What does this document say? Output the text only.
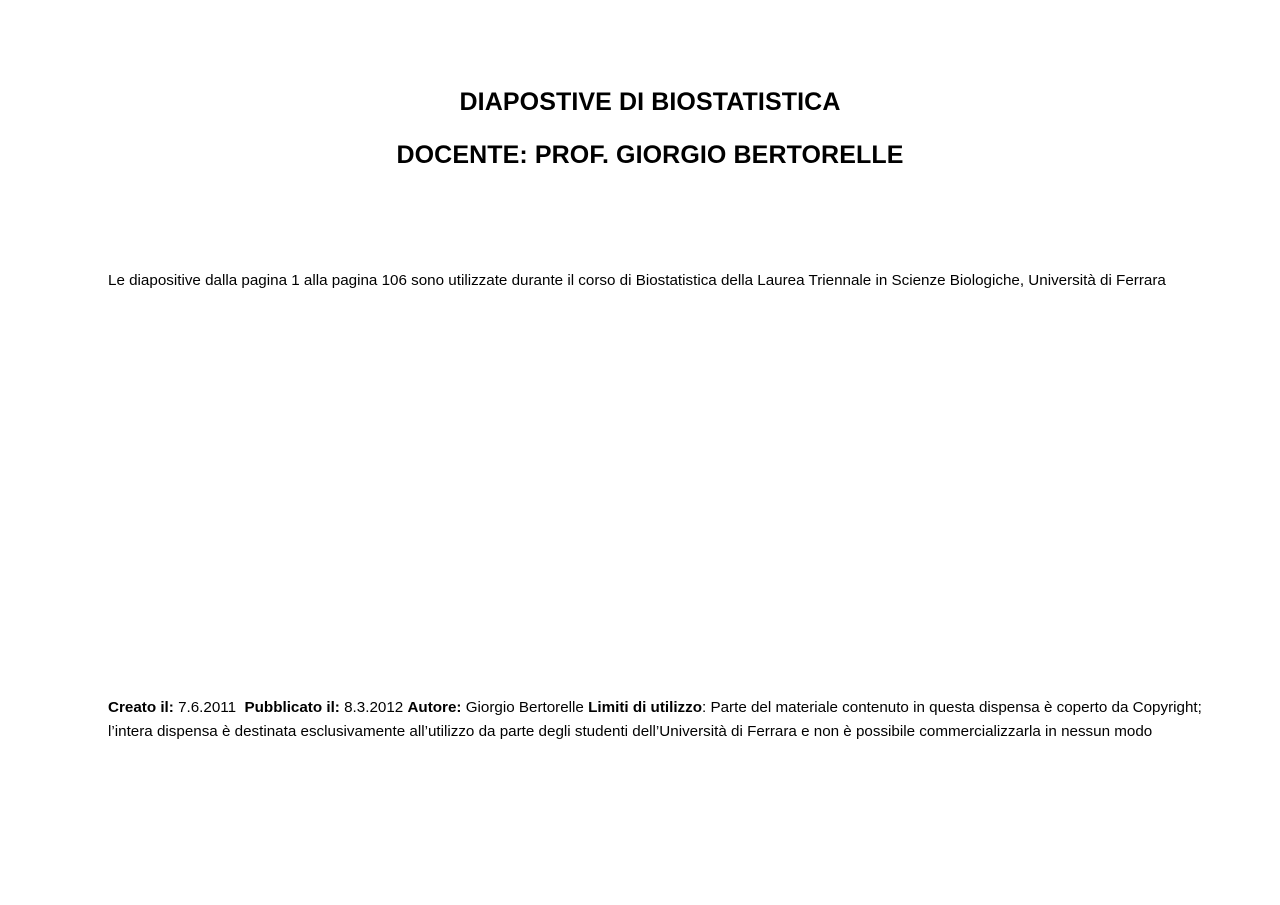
DIAPOSTIVE DI BIOSTATISTICA
DOCENTE: PROF. GIORGIO BERTORELLE

Le diapositive dalla pagina 1 alla pagina 106 sono utilizzate durante il corso di Biostatistica della Laurea Triennale in Scienze Biologiche, Università di Ferrara

Creato il: 7.6.2011 Pubblicato il: 8.3.2012 Autore: Giorgio Bertorelle Limiti di utilizzo: Parte del materiale contenuto in questa dispensa è coperto da Copyright; l’intera dispensa è destinata esclusivamente all’utilizzo da parte degli studenti dell’Università di Ferrara e non è possibile commercializzarla in nessun modo
